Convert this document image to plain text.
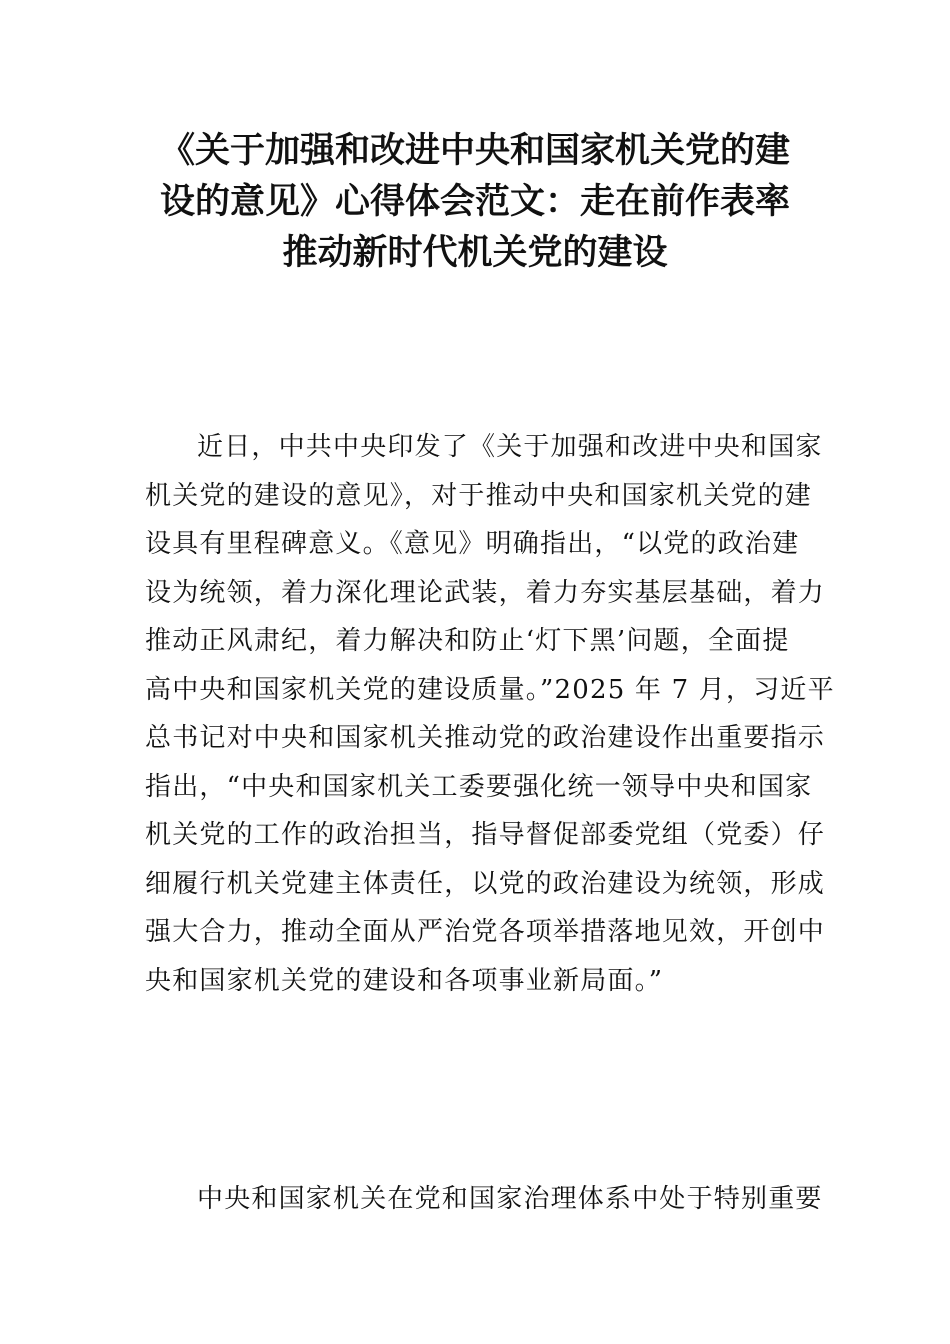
《关于加强和改进中央和国家机关党的建
设的意见》心得体会范文：走在前作表率
推动新时代机关党的建设
近日，中共中央印发了《关于加强和改进中央和国家
机关党的建设的意见》，对于推动中央和国家机关党的建
设具有里程碑意义。《意见》明确指出，“以党的政治建
设为统领，着力深化理论武装，着力夯实基层基础，着力
推动正风肃纪，着力解决和防止‘灯下黑’问题，全面提
高中央和国家机关党的建设质量。”2025 年 7 月，习近平
总书记对中央和国家机关推动党的政治建设作出重要指示
指出，“中央和国家机关工委要强化统一领导中央和国家
机关党的工作的政治担当，指导督促部委党组（党委）仔
细履行机关党建主体责任，以党的政治建设为统领，形成
强大合力，推动全面从严治党各项举措落地见效，开创中
央和国家机关党的建设和各项事业新局面。”
中央和国家机关在党和国家治理体系中处于特别重要
